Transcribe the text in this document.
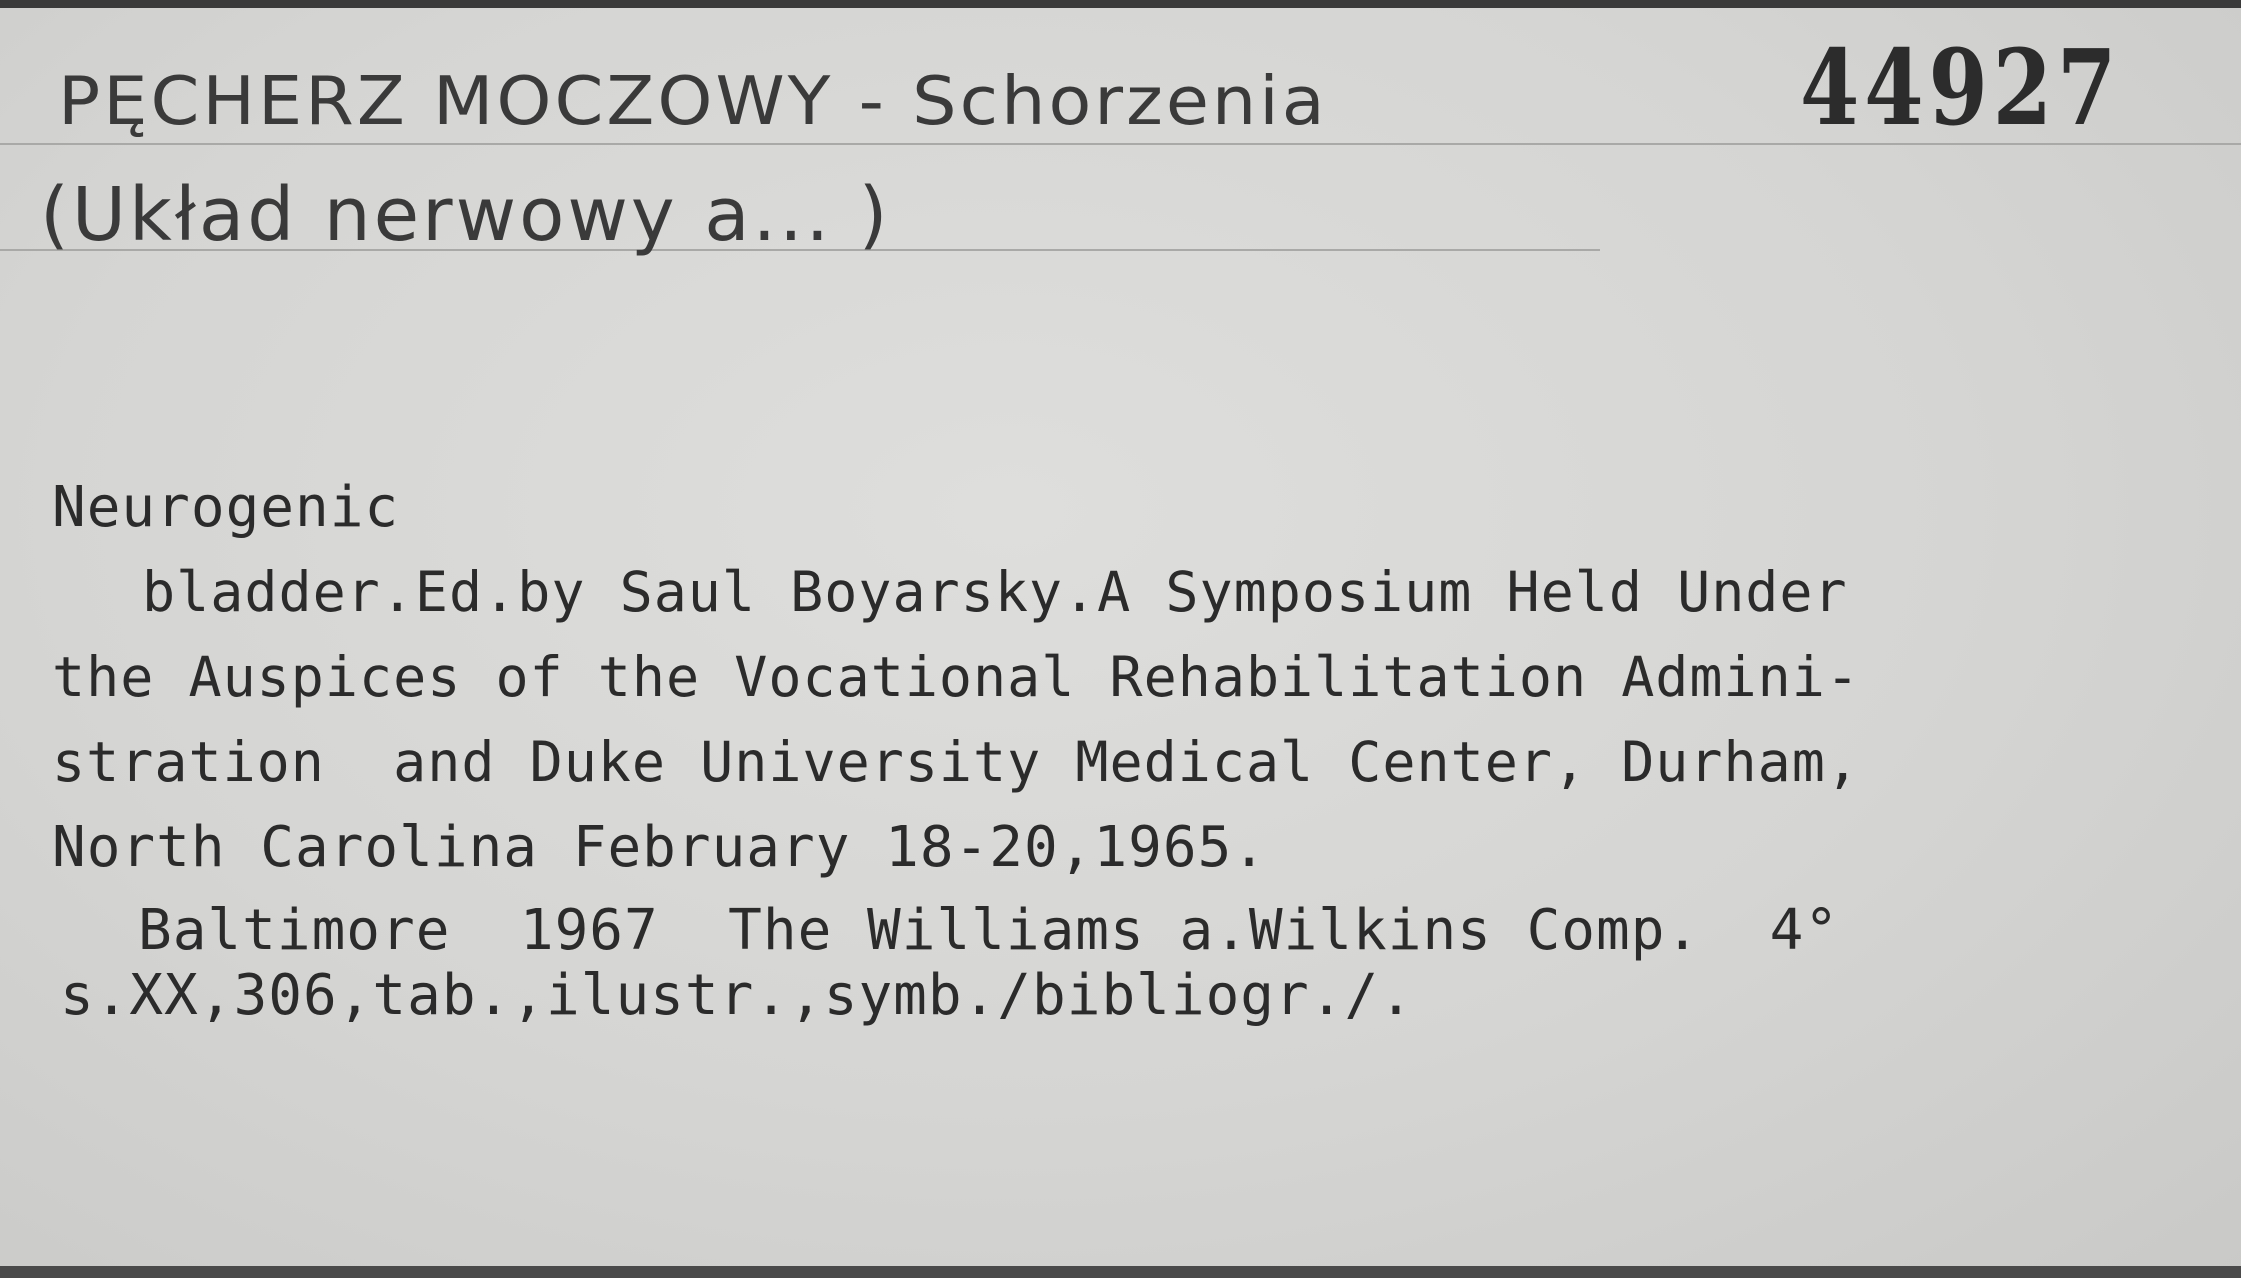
PĘCHERZ MOCZOWY - Schorzenia
(Układ nerwowy a... )
44927
Neurogenic
bladder.Ed.by Saul Boyarsky.A Symposium Held Under
the Auspices of the Vocational Rehabilitation Admini-
stration  and Duke University Medical Center, Durham,
North Carolina February 18-20,1965.
Baltimore  1967  The Williams a.Wilkins Comp.  4°
s.XX,306,tab.,ilustr.,symb./bibliogr./.
